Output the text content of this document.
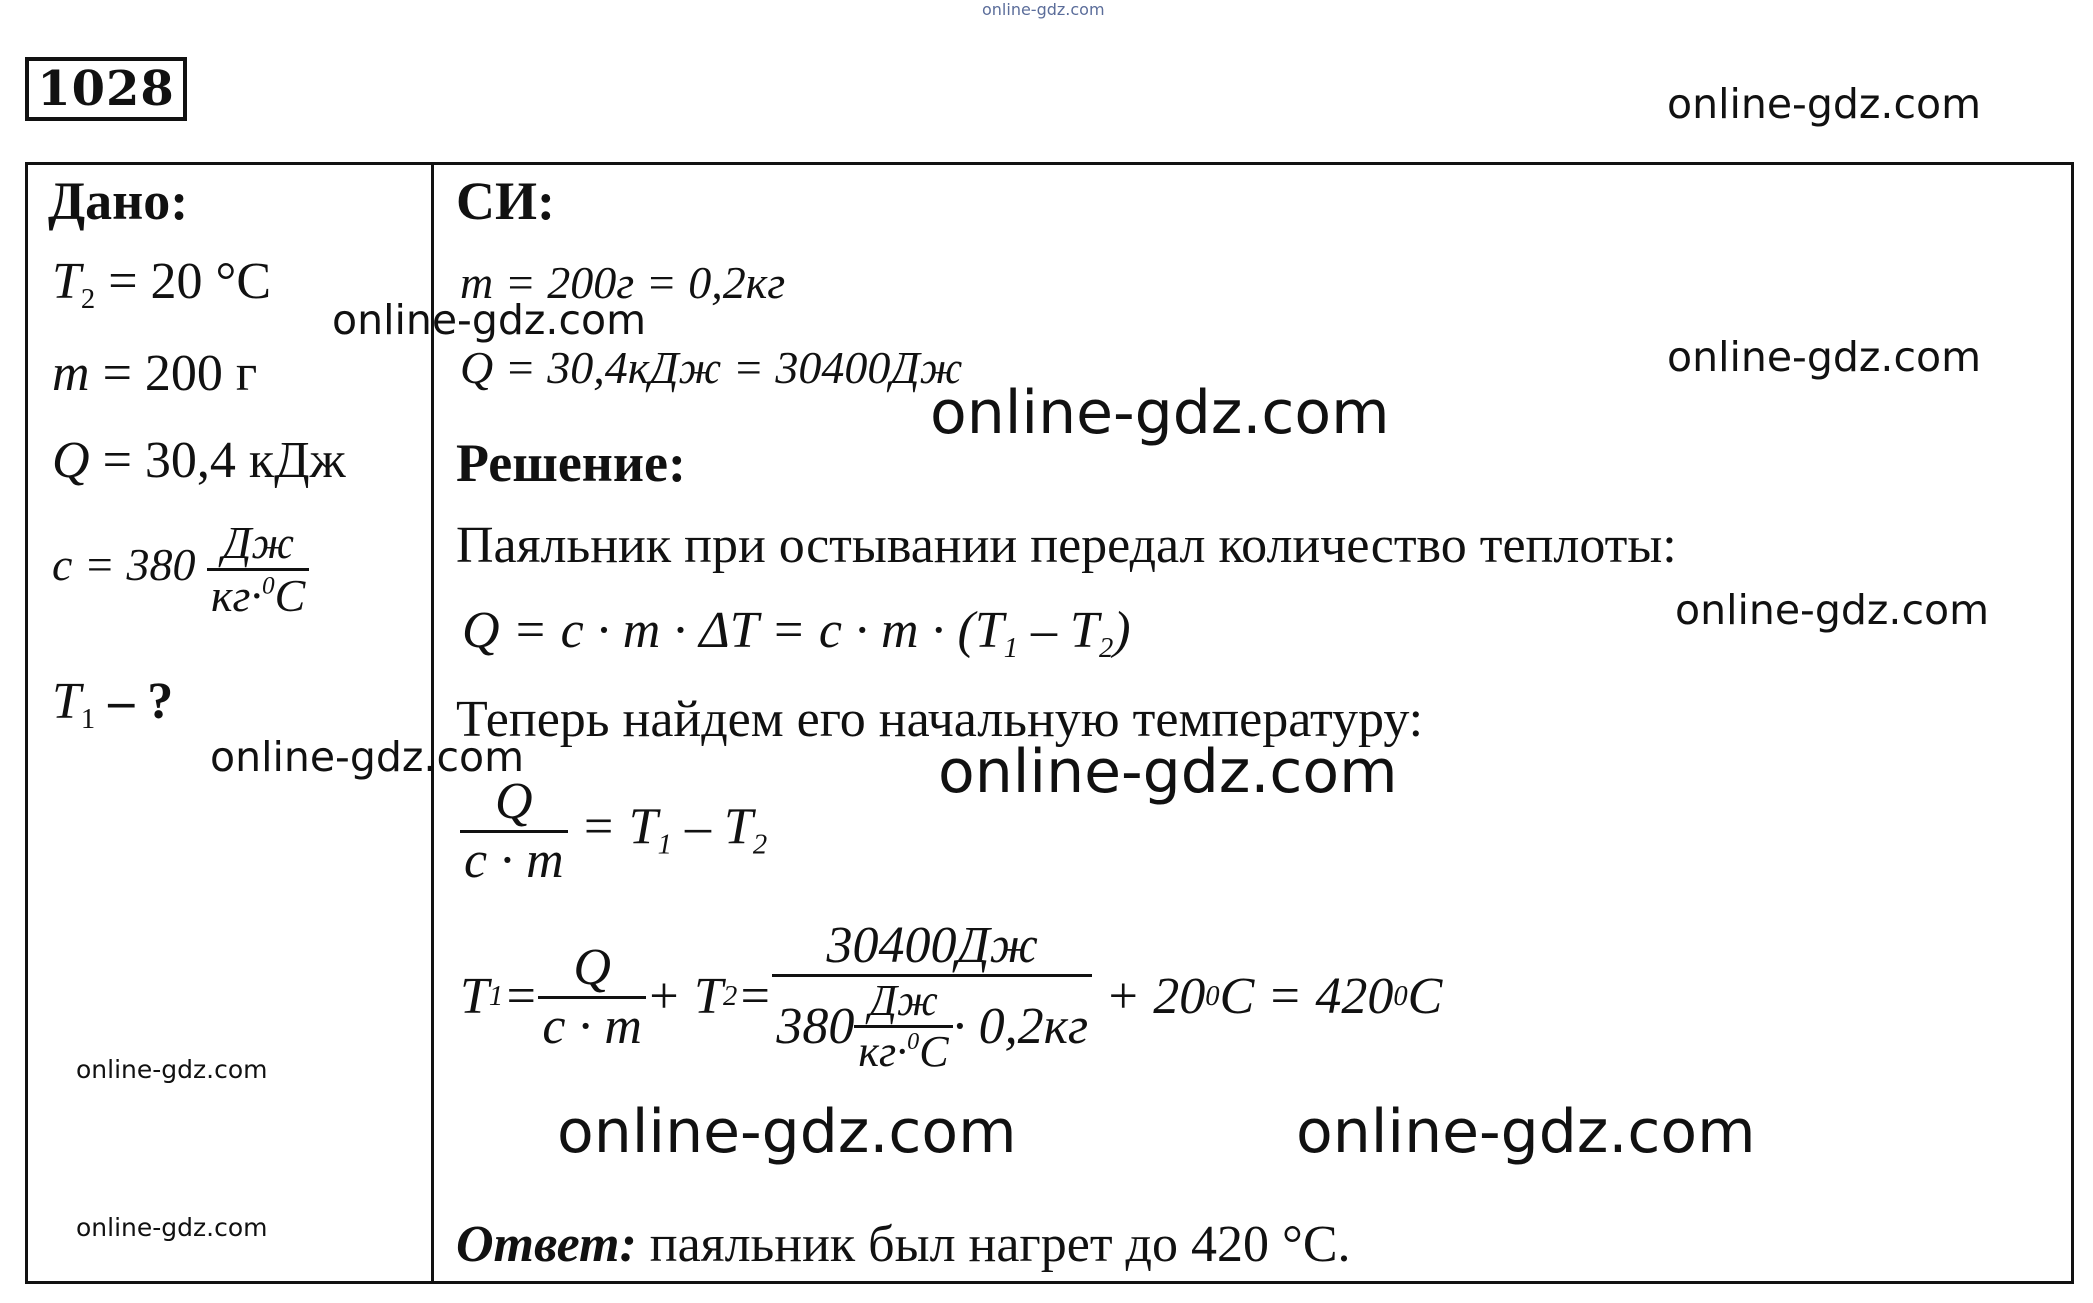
online-gdz.com
1028	online-gdz.com
Дано:
$T_2 = 20$ °C
m = 200 г
Q = 30,4 кДж
$c = 380 \frac{Дж}{кг\cdot^0C}$
$T_1$ – ?
online-gdz.com
online-gdz.com
online-gdz.com
online-gdz.com
СИ:
m = 200г = 0,2кг
Q = 30,4кДж = 30400Дж	online-gdz.com
online-gdz.com
Решение:
Паяльник при остывании передал количество теплоты:
$Q = c \cdot m \cdot \Delta T = c \cdot m \cdot (T_1 - T_2)$	online-gdz.com
Теперь найдем его начальную температуру:
online-gdz.com
$\frac{Q}{c \cdot m} = T_1 - T_2$
T $1 = \frac{Q}{c \cdot m} + T$ 2 =
30400Дж
$380 \frac{Дж}{кг\cdot^0C} \cdot 0,2кг$

+ 20 0 C = 420 0 C
online-gdz.com	online-gdz.com
Ответ: паяльник был нагрет до 420 °С.
